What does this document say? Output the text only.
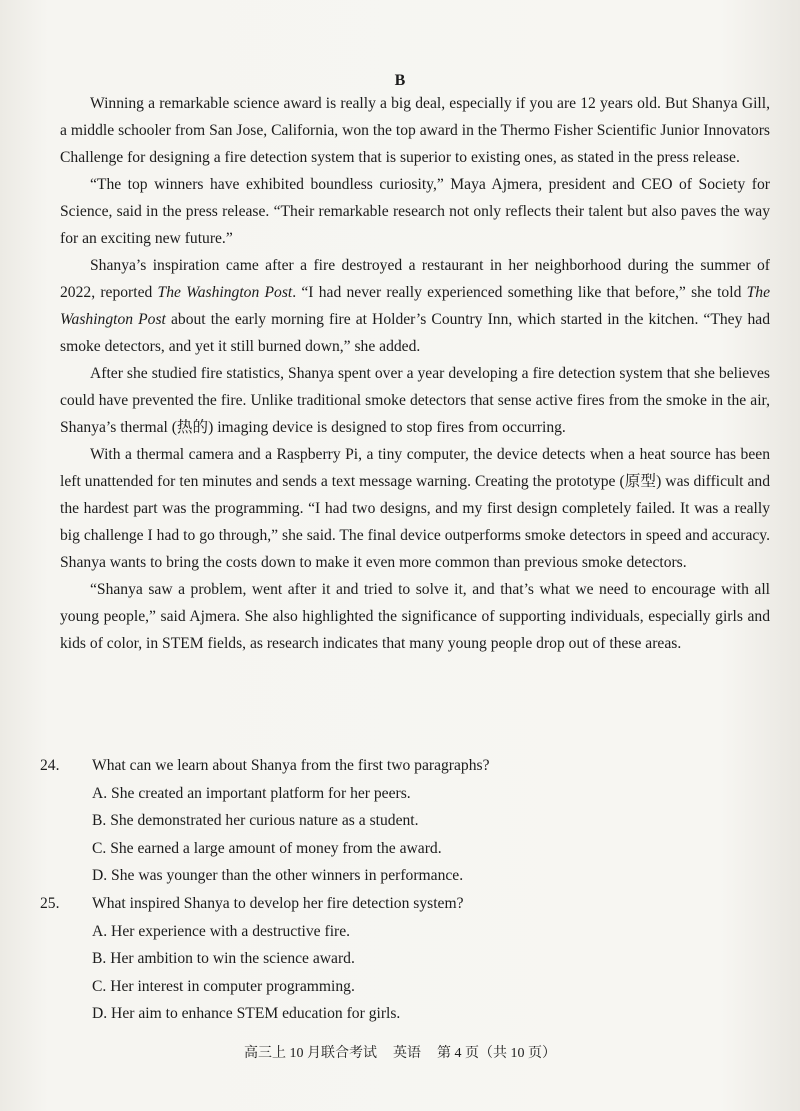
B

Winning a remarkable science award is really a big deal, especially if you are 12 years old. But Shanya Gill, a middle schooler from San Jose, California, won the top award in the Thermo Fisher Scientific Junior Innovators Challenge for designing a fire detection system that is superior to existing ones, as stated in the press release.

“The top winners have exhibited boundless curiosity,” Maya Ajmera, president and CEO of Society for Science, said in the press release. “Their remarkable research not only reflects their talent but also paves the way for an exciting new future.”

Shanya’s inspiration came after a fire destroyed a restaurant in her neighborhood during the summer of 2022, reported The Washington Post. “I had never really experienced something like that before,” she told The Washington Post about the early morning fire at Holder’s Country Inn, which started in the kitchen. “They had smoke detectors, and yet it still burned down,” she added.

After she studied fire statistics, Shanya spent over a year developing a fire detection system that she believes could have prevented the fire. Unlike traditional smoke detectors that sense active fires from the smoke in the air, Shanya’s thermal (热的) imaging device is designed to stop fires from occurring.

With a thermal camera and a Raspberry Pi, a tiny computer, the device detects when a heat source has been left unattended for ten minutes and sends a text message warning. Creating the prototype (原型) was difficult and the hardest part was the programming. “I had two designs, and my first design completely failed. It was a really big challenge I had to go through,” she said. The final device outperforms smoke detectors in speed and accuracy. Shanya wants to bring the costs down to make it even more common than previous smoke detectors.

“Shanya saw a problem, went after it and tried to solve it, and that’s what we need to encourage with all young people,” said Ajmera. She also highlighted the significance of supporting individuals, especially girls and kids of color, in STEM fields, as research indicates that many young people drop out of these areas.

24. What can we learn about Shanya from the first two paragraphs?
A. She created an important platform for her peers.
B. She demonstrated her curious nature as a student.
C. She earned a large amount of money from the award.
D. She was younger than the other winners in performance.
25. What inspired Shanya to develop her fire detection system?
A. Her experience with a destructive fire.
B. Her ambition to win the science award.
C. Her interest in computer programming.
D. Her aim to enhance STEM education for girls.
高三上 10 月联合考试 英语 第 4 页（共 10 页）
